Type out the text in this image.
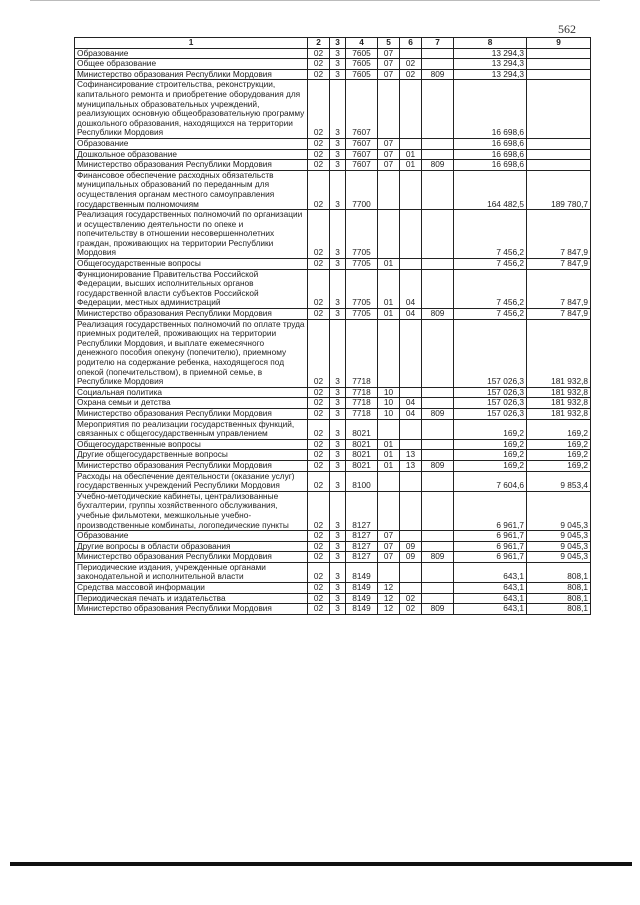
562
1	2	3	4	5	6	7	8	9
Образование	02	3	7605	07			13 294,3	
Общее образование	02	3	7605	07	02		13 294,3	
Министерство образования Республики Мордовия	02	3	7605	07	02	809	13 294,3	
Софинансирование строительства, реконструкции, капитального ремонта и приобретение оборудования для муниципальных образовательных учреждений, реализующих основную общеобразовательную программу дошкольного образования, находящихся на территории Республики Мордовия	02	3	7607				16 698,6	
Образование	02	3	7607	07			16 698,6	
Дошкольное образование	02	3	7607	07	01		16 698,6	
Министерство образования Республики Мордовия	02	3	7607	07	01	809	16 698,6	
Финансовое обеспечение расходных обязательств муниципальных образований по переданным для осуществления органам местного самоуправления государственным полномочиям	02	3	7700				164 482,5	189 780,7
Реализация государственных полномочий по организации и осуществлению деятельности по опеке и попечительству в отношении несовершеннолетних граждан, проживающих на территории Республики Мордовия	02	3	7705				7 456,2	7 847,9
Общегосударственные вопросы	02	3	7705	01			7 456,2	7 847,9
Функционирование Правительства Российской Федерации, высших исполнительных органов государственной власти субъектов Российской Федерации, местных администраций	02	3	7705	01	04		7 456,2	7 847,9
Министерство образования Республики Мордовия	02	3	7705	01	04	809	7 456,2	7 847,9
Реализация государственных полномочий по оплате труда приемных родителей, проживающих на территории Республики Мордовия, и выплате ежемесячного денежного пособия опекуну (попечителю), приемному родителю на содержание ребенка, находящегося под опекой (попечительством), в приемной семье, в Республике Мордовия	02	3	7718				157 026,3	181 932,8
Социальная политика	02	3	7718	10			157 026,3	181 932,8
Охрана семьи и детства	02	3	7718	10	04		157 026,3	181 932,8
Министерство образования Республики Мордовия	02	3	7718	10	04	809	157 026,3	181 932,8
Мероприятия по реализации государственных функций, связанных с общегосударственным управлением	02	3	8021				169,2	169,2
Общегосударственные вопросы	02	3	8021	01			169,2	169,2
Другие общегосударственные вопросы	02	3	8021	01	13		169,2	169,2
Министерство образования Республики Мордовия	02	3	8021	01	13	809	169,2	169,2
Расходы на обеспечение деятельности (оказание услуг) государственных учреждений Республики Мордовия	02	3	8100				7 604,6	9 853,4
Учебно-методические кабинеты, централизованные бухгалтерии, группы хозяйственного обслуживания, учебные фильмотеки, межшкольные учебно-производственные комбинаты, логопедические пункты	02	3	8127				6 961,7	9 045,3
Образование	02	3	8127	07			6 961,7	9 045,3
Другие вопросы в области образования	02	3	8127	07	09		6 961,7	9 045,3
Министерство образования Республики Мордовия	02	3	8127	07	09	809	6 961,7	9 045,3
Периодические издания, учрежденные органами законодательной и исполнительной власти	02	3	8149				643,1	808,1
Средства массовой информации	02	3	8149	12			643,1	808,1
Периодическая печать и издательства	02	3	8149	12	02		643,1	808,1
Министерство образования Республики Мордовия	02	3	8149	12	02	809	643,1	808,1
